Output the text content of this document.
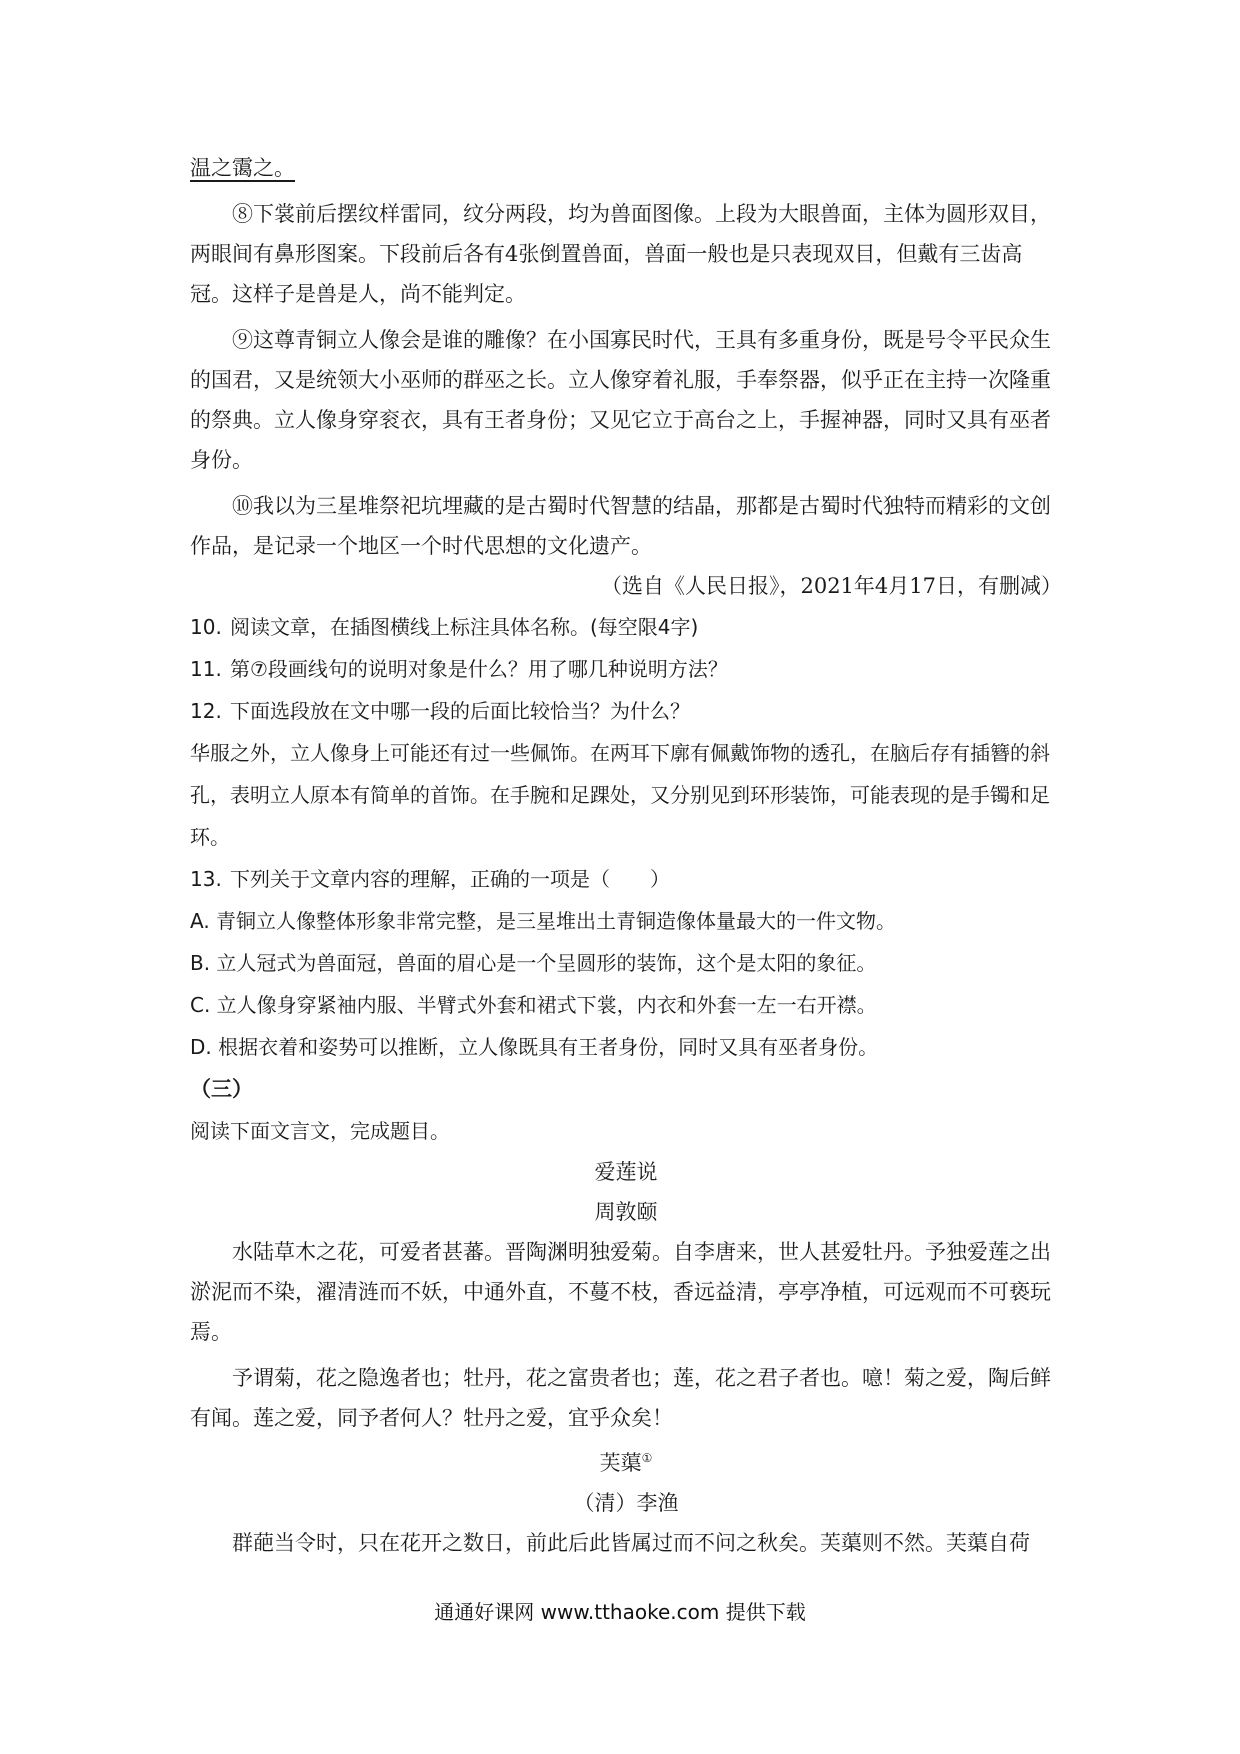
温之霭之。

⑧下裳前后摆纹样雷同，纹分两段，均为兽面图像。上段为大眼兽面，主体为圆形双目，两眼间有鼻形图案。下段前后各有4张倒置兽面，兽面一般也是只表现双目，但戴有三齿高冠。这样子是兽是人，尚不能判定。

⑨这尊青铜立人像会是谁的雕像？在小国寡民时代，王具有多重身份，既是号令平民众生的国君，又是统领大小巫师的群巫之长。立人像穿着礼服，手奉祭器，似乎正在主持一次隆重的祭典。立人像身穿衮衣，具有王者身份；又见它立于高台之上，手握神器，同时又具有巫者身份。

⑩我以为三星堆祭祀坑埋藏的是古蜀时代智慧的结晶，那都是古蜀时代独特而精彩的文创作品，是记录一个地区一个时代思想的文化遗产。

（选自《人民日报》，2021年4月17日，有删减）

10. 阅读文章，在插图横线上标注具体名称。(每空限4字)

11. 第⑦段画线句的说明对象是什么？用了哪几种说明方法？

12. 下面选段放在文中哪一段的后面比较恰当？为什么？

华服之外，立人像身上可能还有过一些佩饰。在两耳下廓有佩戴饰物的透孔，在脑后存有插簪的斜孔，表明立人原本有简单的首饰。在手腕和足踝处，又分别见到环形装饰，可能表现的是手镯和足环。

13. 下列关于文章内容的理解，正确的一项是（　　）

A. 青铜立人像整体形象非常完整，是三星堆出土青铜造像体量最大的一件文物。

B. 立人冠式为兽面冠，兽面的眉心是一个呈圆形的装饰，这个是太阳的象征。

C. 立人像身穿紧袖内服、半臂式外套和裙式下裳，内衣和外套一左一右开襟。

D. 根据衣着和姿势可以推断，立人像既具有王者身份，同时又具有巫者身份。

（三）

阅读下面文言文，完成题目。

爱莲说

周敦颐

水陆草木之花，可爱者甚蕃。晋陶渊明独爱菊。自李唐来，世人甚爱牡丹。予独爱莲之出淤泥而不染，濯清涟而不妖，中通外直，不蔓不枝，香远益清，亭亭净植，可远观而不可亵玩焉。

予谓菊，花之隐逸者也；牡丹，花之富贵者也；莲，花之君子者也。噫！菊之爱，陶后鲜有闻。莲之爱，同予者何人？牡丹之爱，宜乎众矣！

芙蕖①

（清）李渔

群葩当令时，只在花开之数日，前此后此皆属过而不问之秋矣。芙蕖则不然。芙蕖自荷

通通好课网 www.tthaoke.com 提供下载
